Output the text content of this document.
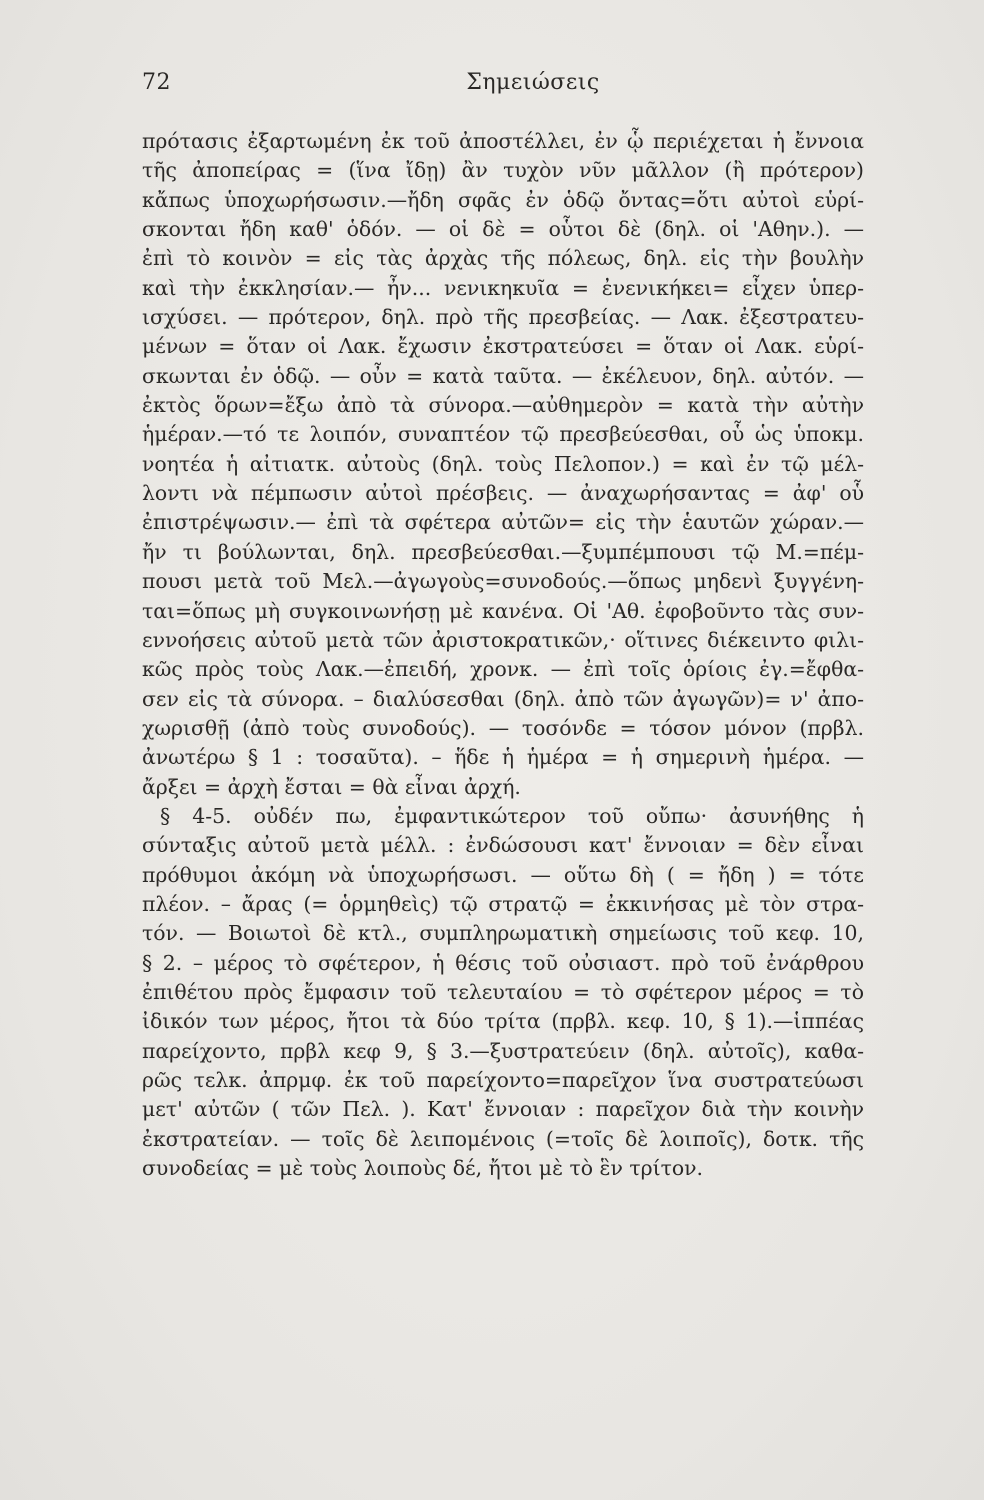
72	Σημειώσεις
πρότασις ἐξαρτωμένη ἐκ τοῦ ἀποστέλλει, ἐν ᾧ περιέχεται ἡ ἔννοια
τῆς ἀποπείρας = (ἵνα ἴδῃ) ἂν τυχὸν νῦν μᾶλλον (ἢ πρότερον)
κἄπως ὑποχωρήσωσιν.—ἤδη σφᾶς ἐν ὁδῷ ὄντας=ὅτι αὐτοὶ εὑρί-
σκονται ἤδη καθ' ὁδόν. — οἱ δὲ = οὗτοι δὲ (δηλ. οἱ 'Αθην.). —
ἐπὶ τὸ κοινὸν = εἰς τὰς ἀρχὰς τῆς πόλεως, δηλ. εἰς τὴν βουλὴν
καὶ τὴν ἐκκλησίαν.— ἦν... νενικηκυῖα = ἐνενικήκει= εἶχεν ὑπερ-
ισχύσει. — πρότερον, δηλ. πρὸ τῆς πρεσβείας. — Λακ. ἐξεστρατευ-
μένων = ὅταν οἱ Λακ. ἔχωσιν ἐκστρατεύσει = ὅταν οἱ Λακ. εὑρί-
σκωνται ἐν ὁδῷ. — οὖν = κατὰ ταῦτα. — ἐκέλευον, δηλ. αὐτόν. —
ἐκτὸς ὅρων=ἔξω ἀπὸ τὰ σύνορα.—αὐθημερὸν = κατὰ τὴν αὐτὴν
ἡμέραν.—τό τε λοιπόν, συναπτέον τῷ πρεσβεύεσθαι, οὗ ὡς ὑποκμ.
νοητέα ἡ αἰτιατκ. αὐτοὺς (δηλ. τοὺς Πελοπον.) = καὶ ἐν τῷ μέλ-
λοντι νὰ πέμπωσιν αὐτοὶ πρέσβεις. — ἀναχωρήσαντας = ἀφ' οὗ
ἐπιστρέψωσιν.— ἐπὶ τὰ σφέτερα αὐτῶν= εἰς τὴν ἑαυτῶν χώραν.—
ἤν τι βούλωνται, δηλ. πρεσβεύεσθαι.—ξυμπέμπουσι τῷ Μ.=πέμ-
πουσι μετὰ τοῦ Μελ.—ἀγωγοὺς=συνοδούς.—ὅπως μηδενὶ ξυγγένη-
ται=ὅπως μὴ συγκοινωνήσῃ μὲ κανένα. Οἱ 'Αθ. ἐφοβοῦντο τὰς συν-
εννοήσεις αὐτοῦ μετὰ τῶν ἀριστοκρατικῶν,· οἵτινες διέκειντο φιλι-
κῶς πρὸς τοὺς Λακ.—ἐπειδή, χρονκ. — ἐπὶ τοῖς ὁρίοις ἐγ.=ἔφθα-
σεν εἰς τὰ σύνορα. – διαλύσεσθαι (δηλ. ἀπὸ τῶν ἀγωγῶν)= ν' ἀπο-
χωρισθῇ (ἀπὸ τοὺς συνοδούς). — τοσόνδε = τόσον μόνον (πρβλ.
ἀνωτέρω § 1 : τοσαῦτα). – ἥδε ἡ ἡμέρα = ἡ σημερινὴ ἡμέρα. —
ἄρξει = ἀρχὴ ἔσται = θὰ εἶναι ἀρχή.
§ 4-5. οὐδέν πω, ἐμφαντικώτερον τοῦ οὔπω· ἀσυνήθης ἡ
σύνταξις αὐτοῦ μετὰ μέλλ. : ἐνδώσουσι κατ' ἔννοιαν = δὲν εἶναι
πρόθυμοι ἀκόμη νὰ ὑποχωρήσωσι. — οὕτω δὴ ( = ἤδη ) = τότε
πλέον. – ἄρας (= ὁρμηθεὶς) τῷ στρατῷ = ἐκκινήσας μὲ τὸν στρα-
τόν. — Βοιωτοὶ δὲ κτλ., συμπληρωματικὴ σημείωσις τοῦ κεφ. 10,
§ 2. – μέρος τὸ σφέτερον, ἡ θέσις τοῦ οὐσιαστ. πρὸ τοῦ ἐνάρθρου
ἐπιθέτου πρὸς ἔμφασιν τοῦ τελευταίου = τὸ σφέτερον μέρος = τὸ
ἰδικόν των μέρος, ἤτοι τὰ δύο τρίτα (πρβλ. κεφ. 10, § 1).—ἱππέας
παρείχοντο, πρβλ κεφ 9, § 3.—ξυστρατεύειν (δηλ. αὐτοῖς), καθα-
ρῶς τελκ. ἀπρμφ. ἐκ τοῦ παρείχοντο=παρεῖχον ἵνα συστρατεύωσι
μετ' αὐτῶν ( τῶν Πελ. ). Κατ' ἔννοιαν : παρεῖχον διὰ τὴν κοινὴν
ἐκστρατείαν. — τοῖς δὲ λειπομένοις (=τοῖς δὲ λοιποῖς), δοτκ. τῆς
συνοδείας = μὲ τοὺς λοιποὺς δέ, ἤτοι μὲ τὸ ἓν τρίτον.
